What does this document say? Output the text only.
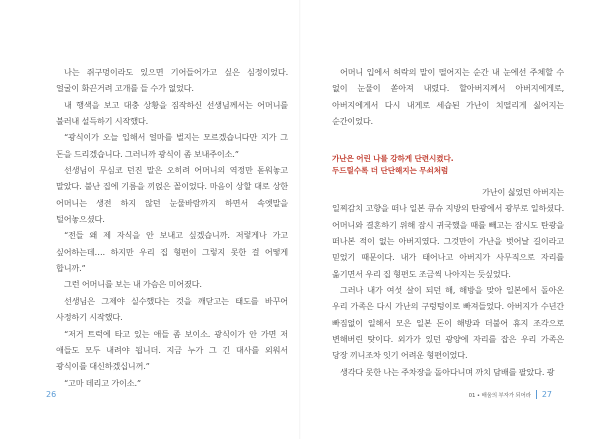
나는 쥐구멍이라도 있으면 기어들어가고 싶은 심정이었다. 얼굴이 화끈거려 고개를 들 수가 없었다.

내 행색을 보고 대충 상황을 짐작하신 선생님께서는 어머니를 불러내 설득하기 시작했다.

“광식이가 오늘 입해서 얼마를 벌지는 모르겠습니다만 지가 그 돈을 드리겠습니다. 그러니까 광식이 좀 보내주이소.”

선생님이 무심코 던진 말은 오히려 어머니의 역정만 돋워놓고 말았다. 불난 집에 기름을 끼얹은 꼴이었다. 마음이 상할 대로 상한 어머니는 생전 하지 않던 눈물바람까지 하면서 속엣말을 털어놓으셨다.

“전들 왜 제 자식을 안 보내고 싶겠습니까. 저렇게나 가고 싶어하는데…. 하지만 우리 집 형편이 그렇지 못한 걸 어떻게 합니까.”

그런 어머니를 보는 내 가슴은 미어졌다.

선생님은 그제야 실수했다는 것을 깨닫고는 태도를 바꾸어 사정하기 시작했다.

“저거 트럭에 타고 있는 애들 좀 보이소. 광식이가 안 가면 저 애들도 모두 내려야 됩니더. 지금 누가 그 긴 대사를 외워서 광식이를 대신하겠십니꺼.”

“고마 데리고 가이소.”

26

어머니 입에서 허락의 말이 떨어지는 순간 내 눈에선 주체할 수 없이 눈물이 쏟아져 내렸다. 할아버지께서 아버지에게로, 아버지에게서 다시 내게로 세습된 가난이 치떨리게 싫어지는 순간이었다.

가난은 어린 나를 강하게 단련시켰다.
두드릴수록 더 단단해지는 무쇠처럼

가난이 싫었던 아버지는

일찌감치 고향을 떠나 일본 큐슈 지방의 탄광에서 광부로 일하셨다. 어머니와 결혼하기 위해 잠시 귀국했을 때를 빼고는 잠시도 탄광을 떠나본 적이 없는 아버지였다. 그것만이 가난을 벗어날 길이라고 믿었기 때문이다. 내가 태어나고 아버지가 사무직으로 자리를 옮기면서 우리 집 형편도 조금씩 나아지는 듯싶었다.

그러나 내가 여섯 살이 되던 해, 해방을 맞아 일본에서 돌아온 우리 가족은 다시 가난의 구렁텅이로 빠져들었다. 아버지가 수년간 빠짐없이 일해서 모은 일본 돈이 해방과 더불어 휴지 조각으로 변해버린 탓이다. 외가가 있던 광양에 자리를 잡은 우리 가족은 당장 끼니조차 잇기 어려운 형편이었다.

생각다 못한 나는 주차장을 돌아다니며 까치 담배를 팔았다. 광

01 • 배움의 부자가 되어라 27
